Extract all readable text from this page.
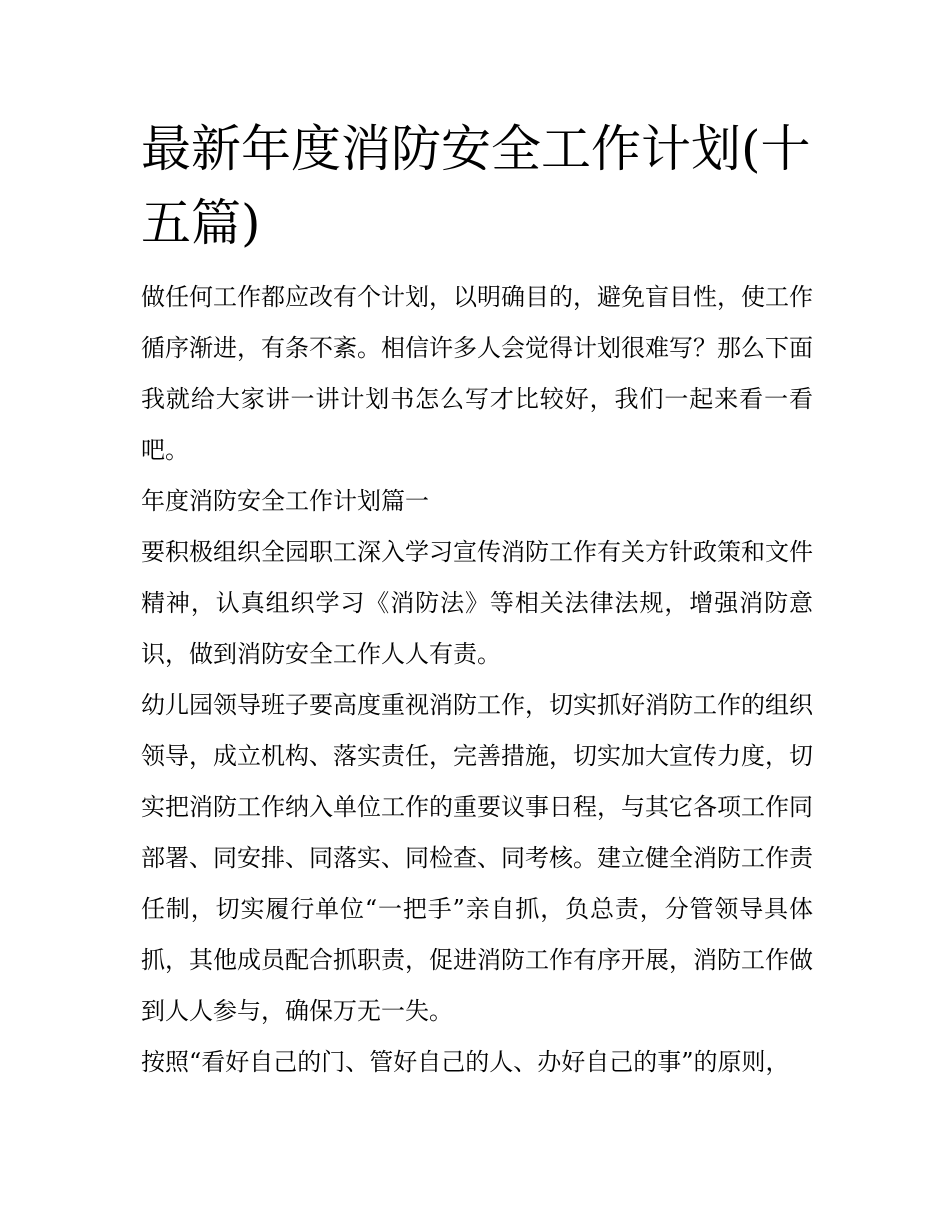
最新年度消防安全工作计划(十五篇)

做任何工作都应改有个计划，以明确目的，避免盲目性，使工作循序渐进，有条不紊。相信许多人会觉得计划很难写？那么下面我就给大家讲一讲计划书怎么写才比较好，我们一起来看一看吧。

年度消防安全工作计划篇一

要积极组织全园职工深入学习宣传消防工作有关方针政策和文件精神，认真组织学习《消防法》等相关法律法规，增强消防意识，做到消防安全工作人人有责。

幼儿园领导班子要高度重视消防工作，切实抓好消防工作的组织领导，成立机构、落实责任，完善措施，切实加大宣传力度，切实把消防工作纳入单位工作的重要议事日程，与其它各项工作同部署、同安排、同落实、同检查、同考核。建立健全消防工作责任制，切实履行单位“一把手”亲自抓，负总责，分管领导具体抓，其他成员配合抓职责，促进消防工作有序开展，消防工作做到人人参与，确保万无一失。

按照“看好自己的门、管好自己的人、办好自己的事”的原则，
